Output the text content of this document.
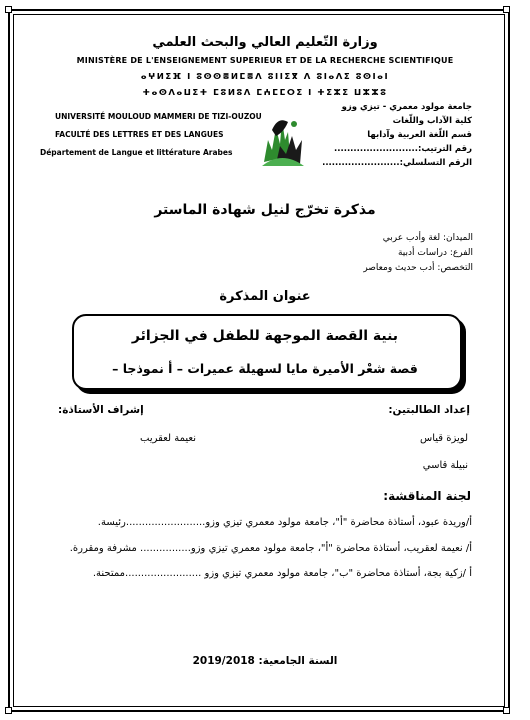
وزارة التّعليم العالي والبحث العلمي
MINISTÈRE DE L'ENSEIGNEMENT SUPERIEUR ET DE LA RECHERCHE SCIENTIFIQUE
ⴰⵖⵍⵉⴼ ⵏ ⵓⵙⵙⴻⵍⵎⴻⴷ ⵓⵏⵏⵉⴳ ⴷ ⵓⵏⴰⴷⵉ ⵓⵙⵏⴰⵏ
ⵜⴰⵙⴷⴰⵡⵉⵜ ⵎⵓⵍⵓⴷ ⵎⵄⵎⵎⵔⵉ ⵏ ⵜⵉⵣⵉ ⵡⵣⵣⵓ
UNIVERSITÉ MOULOUD MAMMERI DE TIZI-OUZOU
FACULTÉ DES LETTRES ET DES LANGUES
Département de Langue et littérature Arabes
جامعة مولود معمري - تيزي وزو
كلية الآداب واللّغات
قسم اللّغة العربية وآدابها
رقم الترتيب:..........................
الرقم التسلسلي:........................
مذكرة تخرّج لنيل شهادة الماستر
الميدان: لغة وأدب عربي
الفرع: دراسات أدبية
التخصص: أدب حديث ومعاصر
عنوان المذكرة
بنية القصة الموجهة للطفل في الجزائر
قصة شعْر الأميرة مايا لسهيلة عميرات – أ نموذجا –
إعداد الطالبتين:
إشراف الأستاذة:
لويزة قياس
نبيلة قاسي
نعيمة لعقريب
لجنة المناقشة:
أ/وريدة عبود، أستاذة محاضرة "أ"، جامعة مولود معمري تيزي وزو.........................رئيسة.
أ/ نعيمة لعقريب، أستاذة محاضرة "أ"، جامعة مولود معمري تيزي وزو................ مشرفة ومقررة.
أ /زكية بجة، أستاذة محاضرة "ب"، جامعة مولود معمري تيزي وزو ........................ممتحنة.
السنة الجامعية: 2019/2018
